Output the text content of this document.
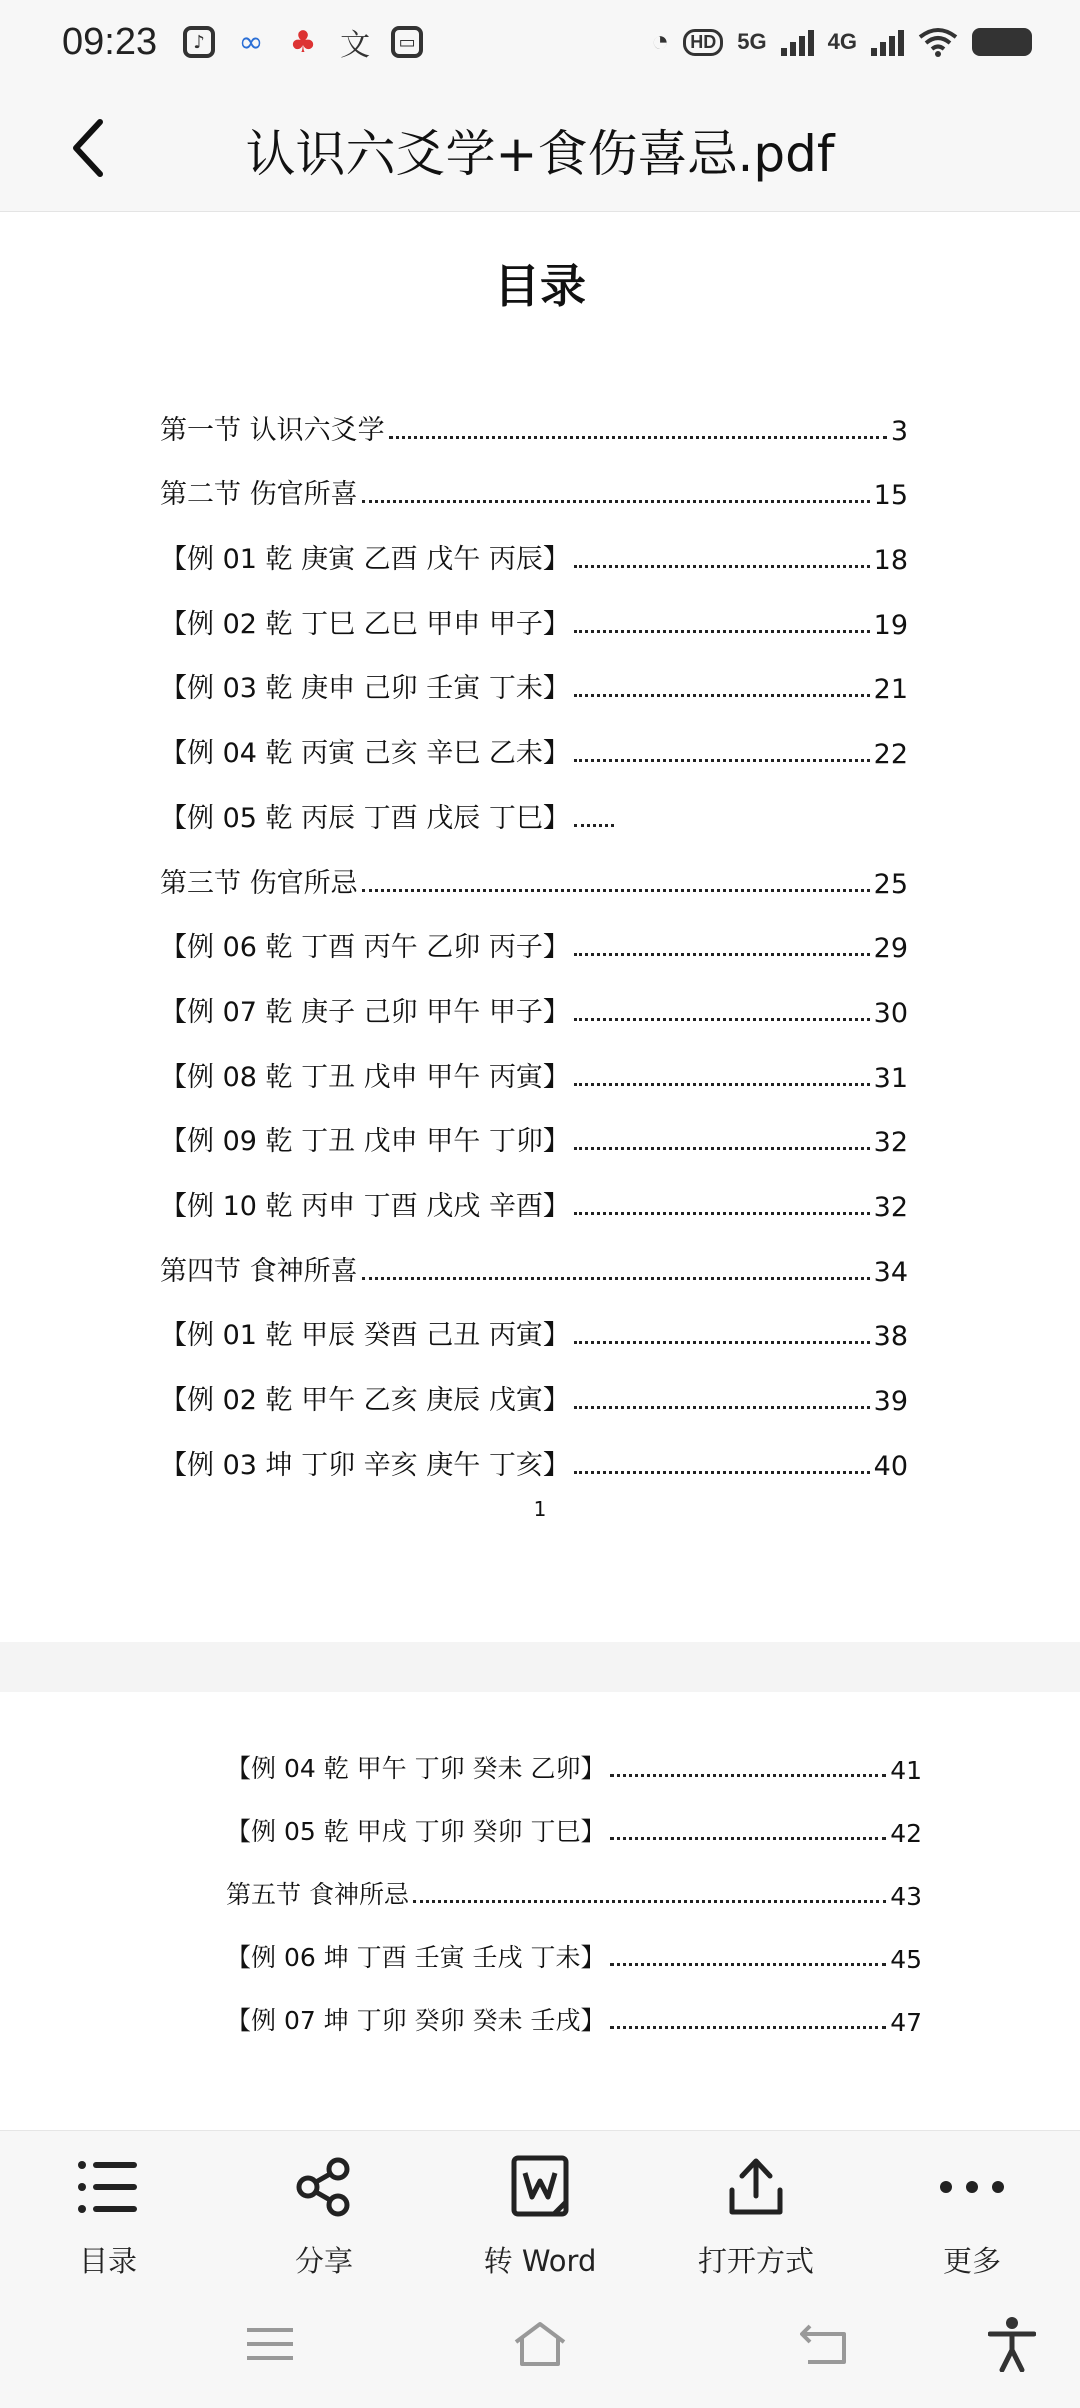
09:23	♪	∞ ♣ 文	▭	◔	HD 5G	4G
认识六爻学+食伤喜忌.pdf
目录
第一节 认识六爻学	3
第二节 伤官所喜	15
【例 01 乾 庚寅 乙酉 戊午 丙辰】	18
【例 02 乾 丁巳 乙巳 甲申 甲子】	19
【例 03 乾 庚申 己卯 壬寅 丁未】	21
【例 04 乾 丙寅 己亥 辛巳 乙未】	22
【例 05 乾 丙辰 丁酉 戊辰 丁巳】
第三节 伤官所忌	25
【例 06 乾 丁酉 丙午 乙卯 丙子】	29
【例 07 乾 庚子 己卯 甲午 甲子】	30
【例 08 乾 丁丑 戊申 甲午 丙寅】	31
【例 09 乾 丁丑 戊申 甲午 丁卯】	32
【例 10 乾 丙申 丁酉 戊戌 辛酉】	32
第四节 食神所喜	34
【例 01 乾 甲辰 癸酉 己丑 丙寅】	38
【例 02 乾 甲午 乙亥 庚辰 戊寅】	39
【例 03 坤 丁卯 辛亥 庚午 丁亥】	40
1
【例 04 乾 甲午 丁卯 癸未 乙卯】	41
【例 05 乾 甲戌 丁卯 癸卯 丁巳】	42
第五节 食神所忌	43
【例 06 坤 丁酉 壬寅 壬戌 丁未】	45
【例 07 坤 丁卯 癸卯 癸未 壬戌】	47
目录	分享	转 Word	打开方式	更多
